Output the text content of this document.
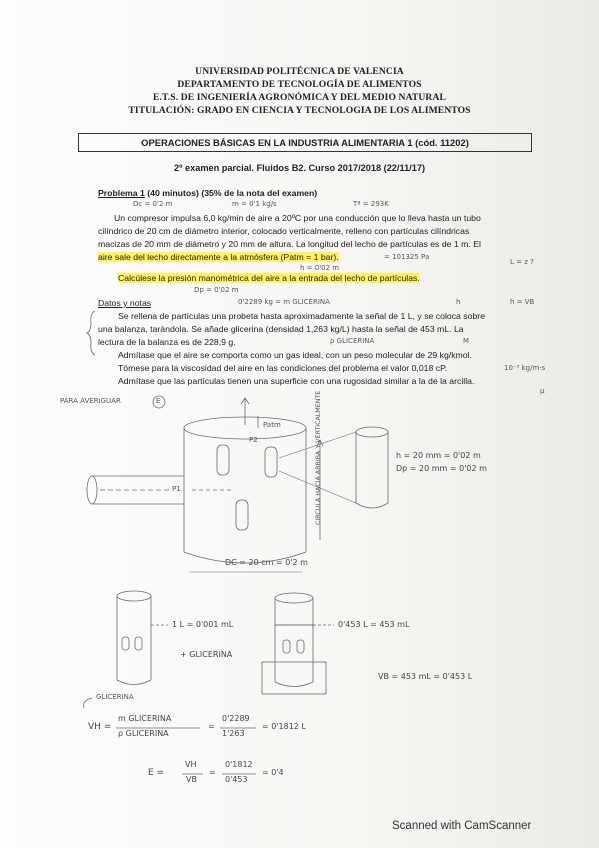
UNIVERSIDAD POLITÉCNICA DE VALENCIA
DEPARTAMENTO DE TECNOLOGÍA DE ALIMENTOS
E.T.S. DE INGENIERÍA AGRONÓMICA Y DEL MEDIO NATURAL
TITULACIÓN: GRADO EN CIENCIA Y TECNOLOGIA DE LOS ALIMENTOS
OPERACIONES BÁSICAS EN LA INDUSTRIA ALIMENTARIA 1 (cód. 11202)
2º examen parcial. Fluidos B2. Curso 2017/2018 (22/11/17)
Problema 1 (40 minutos) (35% de la nota del examen)
Un compresor impulsa 6,0 kg/min de aire a 20ºC por una conducción que lo lleva hasta un tubo
cilíndrico de 20 cm de diámetro interior, colocado verticalmente, relleno con partículas cilíndricas
macizas de 20 mm de diámetro y 20 mm de altura. La longitud del lecho de partículas es de 1 m. El
aire sale del lecho directamente a la atmósfera (Patm = 1 bar).
Calcúlese la presión manométrica del aire a la entrada del lecho de partículas.
Datos y notas
Se rellena de partículas una probeta hasta aproximadamente la señal de 1 L, y se coloca sobre
una balanza, tarándola. Se añade glicerina (densidad 1,263 kg/L) hasta la señal de 453 mL. La
lectura de la balanza es de 228,9 g.
Admítase que el aire se comporta como un gas ideal, con un peso molecular de 29 kg/kmol.
Tómese para la viscosidad del aire en las condiciones del problema el valor 0,018 cP.
Admítase que las partículas tienen una superficie con una rugosidad similar a la de la arcilla.
Dc = 0'2 m	m = 0'1 kg/s	Tª = 293K
= 101325 Pa
h = 0'02 m
Dp = 0'02 m
L = z ?
0'2289 kg = m GLICERINA	h	h = VB
ρ GLICERINA	M
10⁻³ kg/m·s
μ
PARA AVERIGUAR	E
Patm
P2
P1	CIRCULA HACIA ARRIBA Y VERTICALMENTE	h = 20 mm = 0'02 m
Dp = 20 mm = 0'02 m
DC = 20 cm = 0'2 m
1 L = 0'001 mL
+ GLICERINA
0'453 L = 453 mL
VB = 453 mL = 0'453 L
GLICERINA
VH =
m GLICERINA
ρ GLICERINA
=
0'2289
1'263
= 0'1812 L
E =
VH
VB
=
0'1812
0'453
= 0'4
Scanned with CamScanner
